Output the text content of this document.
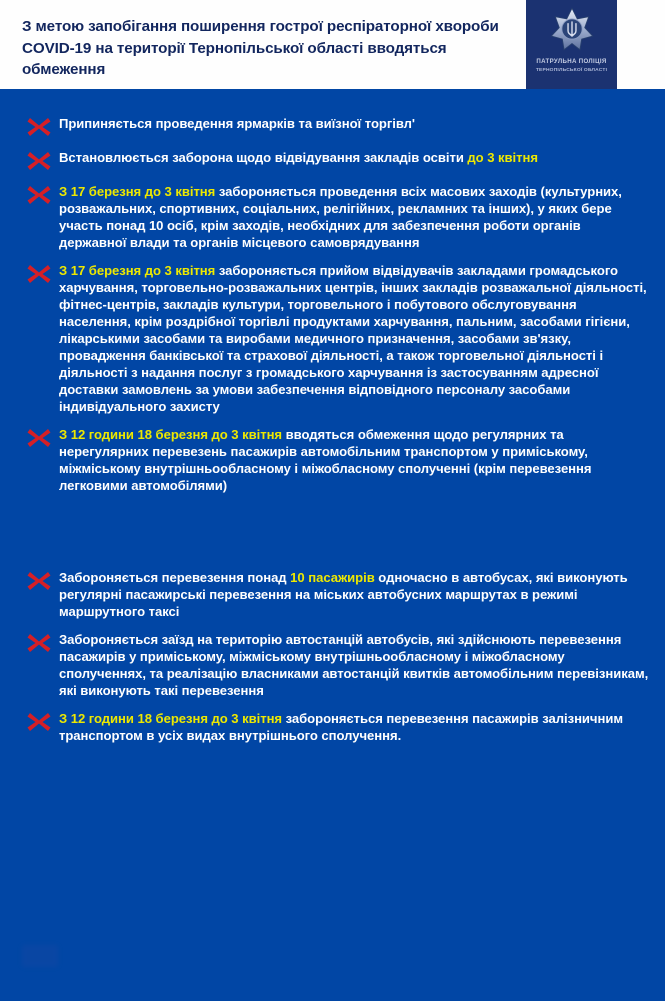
З метою запобігання поширення гострої респіраторної хвороби COVID-19 на території Тернопільської області вводяться обмеження	ПАТРУЛЬНА ПОЛІЦІЯ
ТЕРНОПІЛЬСЬКОЇ ОБЛАСТІ
Припиняється проведення ярмарків та виїзної торгівл'
Встановлюється заборона щодо відвідування закладів освіти до 3 квітня
З 17 березня до 3 квітня забороняється проведення всіх масових заходів (культурних, розважальних, спортивних, соціальних, релігійних, рекламних та інших), у яких бере участь понад 10 осіб, крім заходів, необхідних для забезпечення роботи органів державної влади та органів місцевого самоврядування
З 17 березня до 3 квітня забороняється прийом відвідувачів закладами громадського харчування, торговельно-розважальних центрів, інших закладів розважальної діяльності, фітнес-центрів, закладів культури, торговельного і побутового обслуговування населення, крім роздрібної торгівлі продуктами харчування, пальним, засобами гігієни, лікарськими засобами та виробами медичного призначення, засобами зв'язку, провадження банківської та страхової діяльності, а також торговельної діяльності і діяльності з надання послуг з громадського харчування із застосуванням адресної доставки замовлень за умови забезпечення відповідного персоналу засобами індивідуального захисту
З 12 години 18 березня до 3 квітня вводяться обмеження щодо регулярних та нерегулярних перевезень пасажирів автомобільним транспортом у приміському, міжміському внутрішньообласному і міжобласному сполученні (крім перевезення легковими автомобілями)
Забороняється перевезення понад 10 пасажирів одночасно в автобусах, які виконують регулярні пасажирські перевезення на міських автобусних маршрутах в режимі маршрутного таксі
Забороняється заїзд на територію автостанцій автобусів, які здійснюють перевезення пасажирів у приміському, міжміському внутрішньообласному і міжобласному сполученнях, та реалізацію власниками автостанцій квитків автомобільним перевізникам, які виконують такі перевезення
З 12 години 18 березня до 3 квітня забороняється перевезення пасажирів залізничним транспортом в усіх видах внутрішнього сполучення.
